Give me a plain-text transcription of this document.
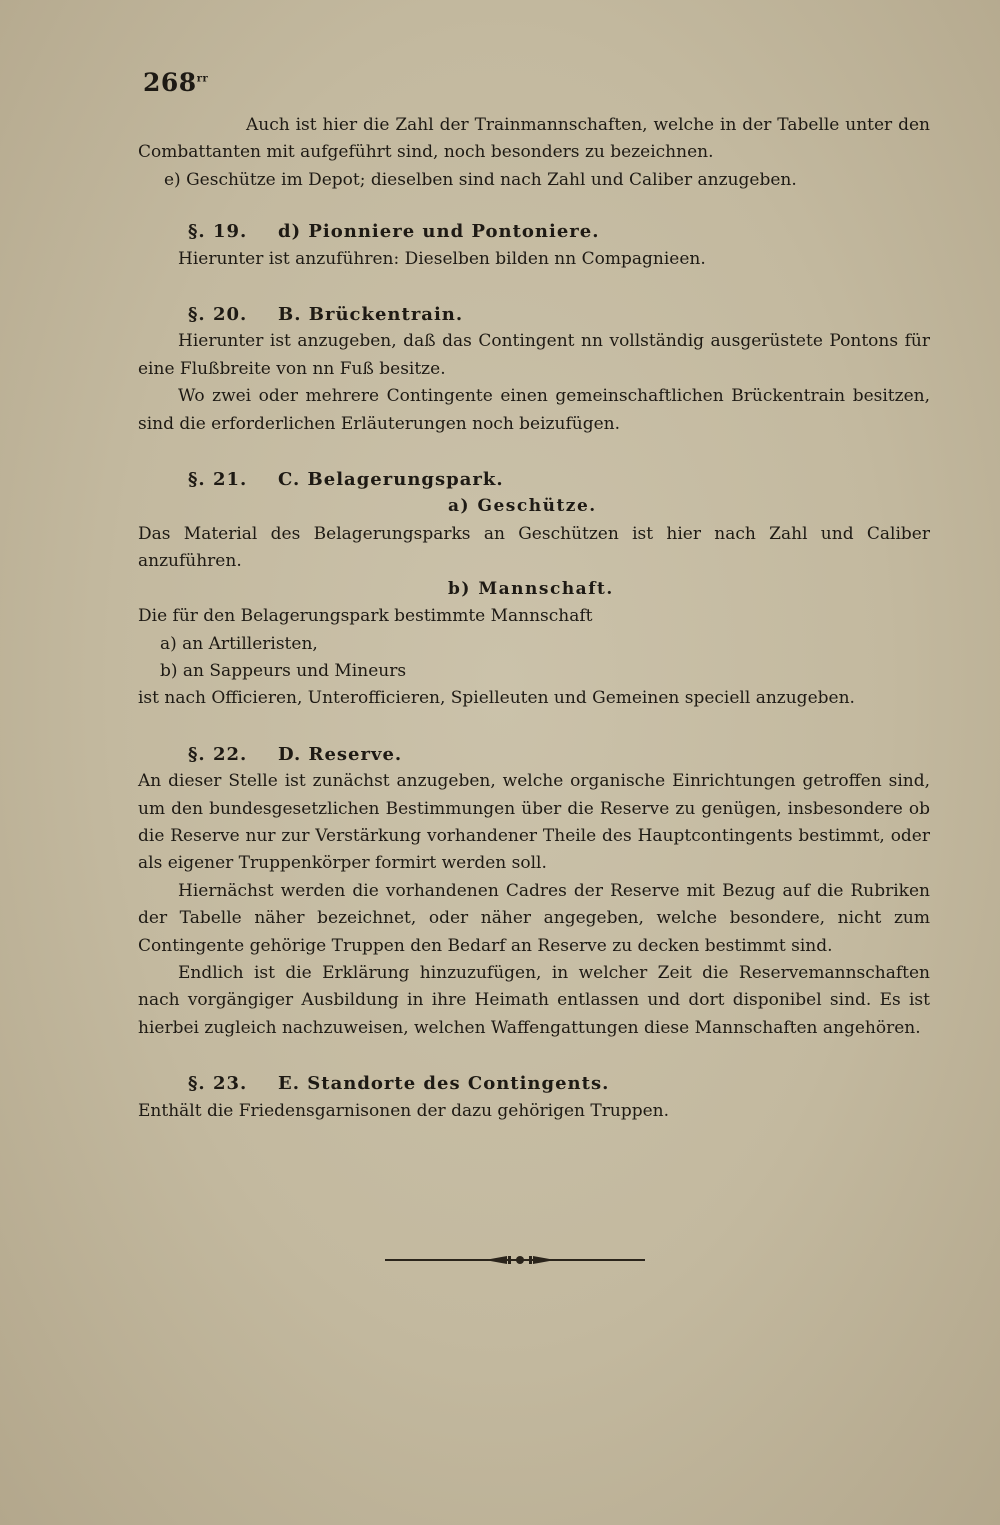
$268^{rr}$

Auch ist hier die Zahl der Trainmannschaften, welche in der Tabelle unter den Combattanten mit aufgeführt sind, noch besonders zu bezeichnen.

e) Geschütze im Depot; dieselben sind nach Zahl und Caliber anzugeben.

§. 19. d) Pionniere und Pontoniere.

Hierunter ist anzuführen: Dieselben bilden nn Compagnieen.

§. 20. B. Brückentrain.

Hierunter ist anzugeben, daß das Contingent nn vollständig ausgerüstete Pontons für eine Flußbreite von nn Fuß besitze.

Wo zwei oder mehrere Contingente einen gemeinschaftlichen Brückentrain besitzen, sind die erforderlichen Erläuterungen noch beizufügen.

§. 21. C. Belagerungspark.

a) Geschütze.

Das Material des Belagerungsparks an Geschützen ist hier nach Zahl und Caliber anzuführen.

b) Mannschaft.

Die für den Belagerungspark bestimmte Mannschaft

a) an Artilleristen,

b) an Sappeurs und Mineurs

ist nach Officieren, Unterofficieren, Spielleuten und Gemeinen speciell anzugeben.

§. 22. D. Reserve.

An dieser Stelle ist zunächst anzugeben, welche organische Einrichtungen getroffen sind, um den bundesgesetzlichen Bestimmungen über die Reserve zu genügen, insbesondere ob die Reserve nur zur Verstärkung vorhandener Theile des Hauptcontingents bestimmt, oder als eigener Truppenkörper formirt werden soll.

Hiernächst werden die vorhandenen Cadres der Reserve mit Bezug auf die Rubriken der Tabelle näher bezeichnet, oder näher angegeben, welche besondere, nicht zum Contingente gehörige Truppen den Bedarf an Reserve zu decken bestimmt sind.

Endlich ist die Erklärung hinzuzufügen, in welcher Zeit die Reservemannschaften nach vorgängiger Ausbildung in ihre Heimath entlassen und dort disponibel sind. Es ist hierbei zugleich nachzuweisen, welchen Waffengattungen diese Mannschaften angehören.

§. 23. E. Standorte des Contingents.

Enthält die Friedensgarnisonen der dazu gehörigen Truppen.
